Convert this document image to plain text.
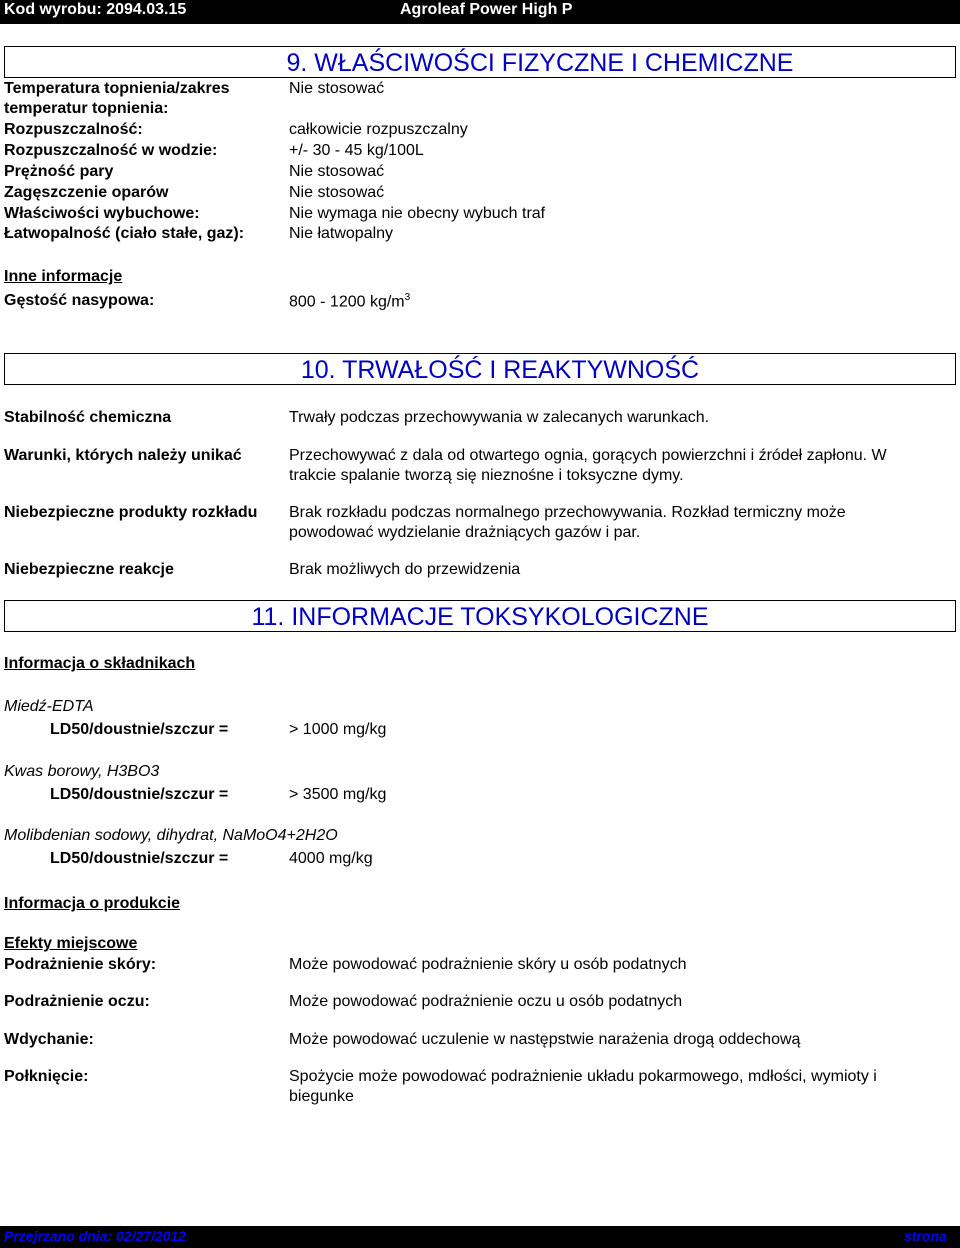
Kod wyrobu: 2094.03.15	Agroleaf Power High P
9. WŁAŚCIWOŚCI FIZYCZNE I CHEMICZNE
Temperatura topnienia/zakres	Nie stosować
temperatur topnienia:
Rozpuszczalność:	całkowicie rozpuszczalny
Rozpuszczalność w wodzie:	+/- 30 - 45 kg/100L
Prężność pary	Nie stosować
Zagęszczenie oparów	Nie stosować
Właściwości wybuchowe:	Nie wymaga nie obecny wybuch traf
Łatwopalność (ciało stałe, gaz):	Nie łatwopalny
Inne informacje
Gęstość nasypowa:	800 - 1200 $kg/m^3$
10. TRWAŁOŚĆ I REAKTYWNOŚĆ
Stabilność chemiczna	Trwały podczas przechowywania w zalecanych warunkach.
Warunki, których należy unikać	Przechowywać z dala od otwartego ognia, gorących powierzchni i źródeł zapłonu. W
trakcie spalanie tworzą się nieznośne i toksyczne dymy.
Niebezpieczne produkty rozkładu Brak rozkładu podczas normalnego przechowywania. Rozkład termiczny może
powodować wydzielanie drażniących gazów i par.
Niebezpieczne reakcje	Brak możliwych do przewidzenia
11. INFORMACJE TOKSYKOLOGICZNE
Informacja o składnikach
Miedź-EDTA
LD50/doustnie/szczur =	> 1000 mg/kg
Kwas borowy, H3BO3
LD50/doustnie/szczur =	> 3500 mg/kg
Molibdenian sodowy, dihydrat, NaMoO4+2H2O
LD50/doustnie/szczur =	4000 mg/kg
Informacja o produkcie
Efekty miejscowe
Podrażnienie skóry:	Może powodować podrażnienie skóry u osób podatnych
Podrażnienie oczu:	Może powodować podrażnienie oczu u osób podatnych
Wdychanie:	Może powodować uczulenie w następstwie narażenia drogą oddechową
Połknięcie:	Spożycie może powodować podrażnienie układu pokarmowego, mdłości, wymioty i
biegunke
Przejrzano dnia: 02/27/2012	strona
